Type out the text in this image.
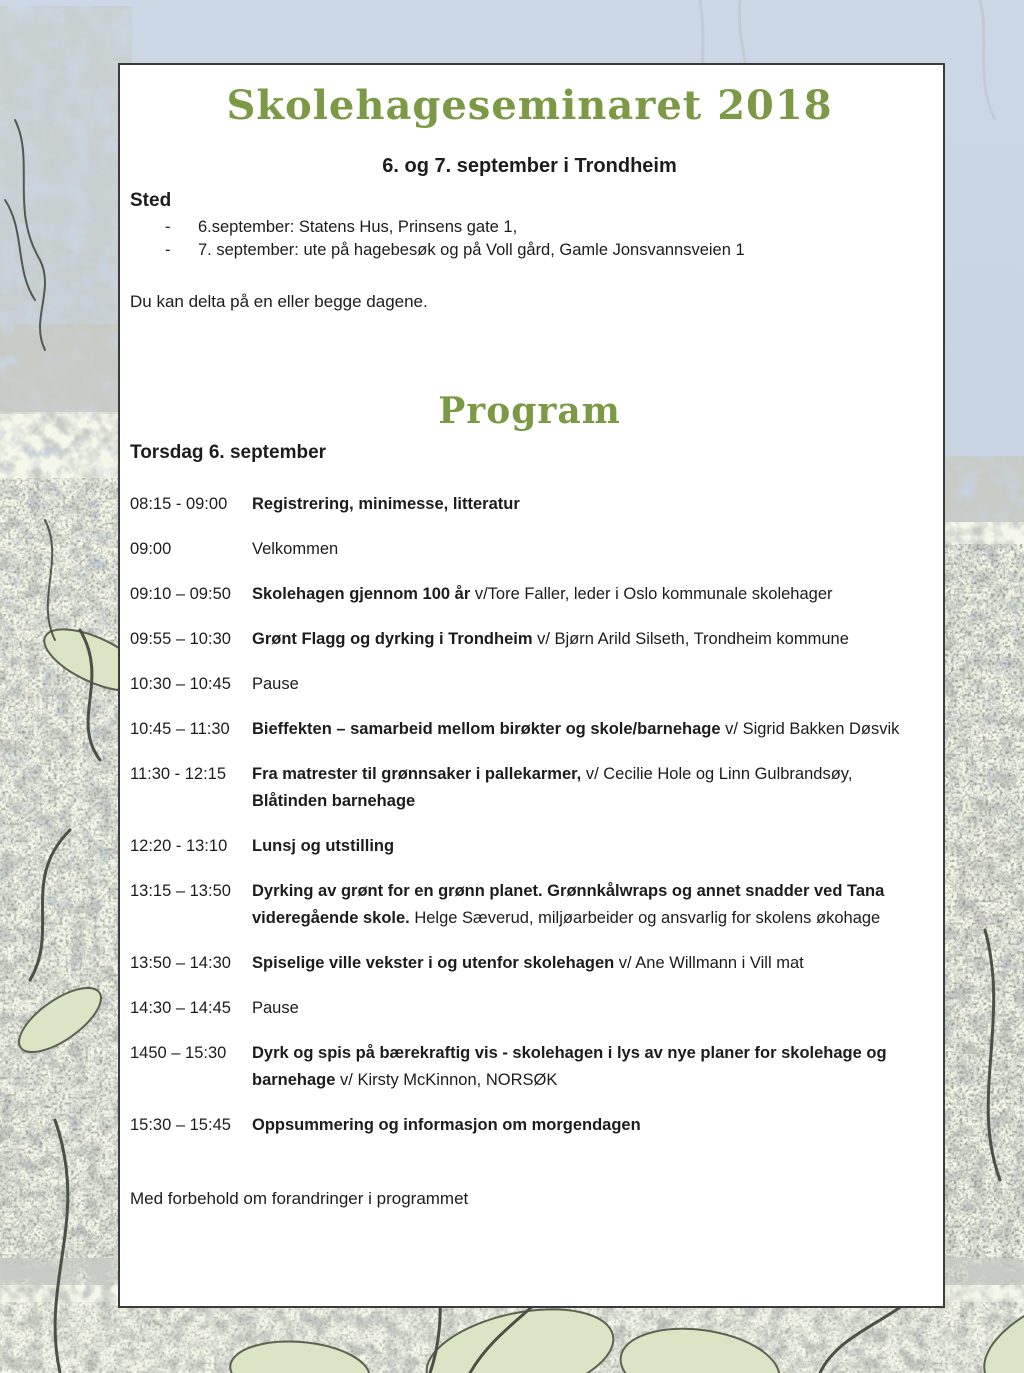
Skolehageseminaret 2018
6. og 7. september i Trondheim
Sted
- 6.september: Statens Hus, Prinsens gate 1,
- 7. september: ute på hagebesøk og på Voll gård, Gamle Jonsvannsveien 1
Du kan delta på en eller begge dagene.
Program
Torsdag 6. september
08:15 - 09:00	Registrering, minimesse, litteratur
09:00	Velkommen
09:10 – 09:50	Skolehagen gjennom 100 år v/Tore Faller, leder i Oslo kommunale skolehager
09:55 – 10:30	Grønt Flagg og dyrking i Trondheim v/ Bjørn Arild Silseth, Trondheim kommune
10:30 – 10:45	Pause
10:45 – 11:30	Bieffekten – samarbeid mellom birøkter og skole/barnehage v/ Sigrid Bakken Døsvik
11:30 - 12:15	Fra matrester til grønnsaker i pallekarmer, v/ Cecilie Hole og Linn Gulbrandsøy,
Blåtinden barnehage
12:20 - 13:10	Lunsj og utstilling
13:15 – 13:50	Dyrking av grønt for en grønn planet. Grønnkålwraps og annet snadder ved Tana
videregående skole. Helge Sæverud, miljøarbeider og ansvarlig for skolens økohage
13:50 – 14:30	Spiselige ville vekster i og utenfor skolehagen v/ Ane Willmann i Vill mat
14:30 – 14:45	Pause
1450 – 15:30	Dyrk og spis på bærekraftig vis - skolehagen i lys av nye planer for skolehage og
barnehage v/ Kirsty McKinnon, NORSØK
15:30 – 15:45	Oppsummering og informasjon om morgendagen
Med forbehold om forandringer i programmet
